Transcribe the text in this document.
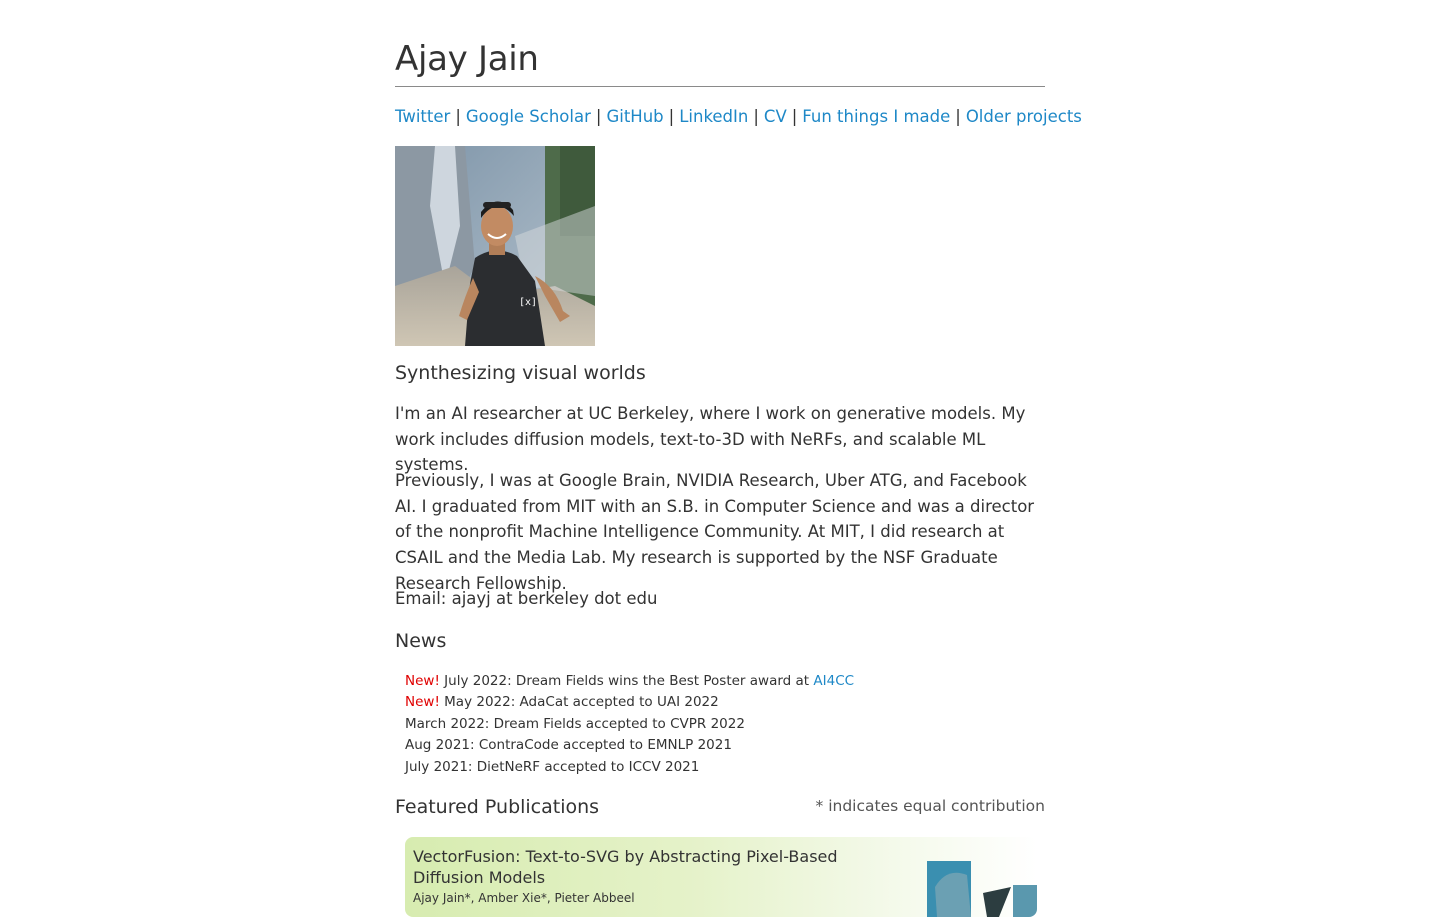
Ajay Jain
Twitter | Google Scholar | GitHub | LinkedIn | CV | Fun things I made | Older projects
[x]
Synthesizing visual worlds

I'm an AI researcher at UC Berkeley, where I work on generative models. My work includes diffusion models, text-to-3D with NeRFs, and scalable ML systems.

Previously, I was at Google Brain, NVIDIA Research, Uber ATG, and Facebook AI. I graduated from MIT with an S.B. in Computer Science and was a director of the nonprofit Machine Intelligence Community. At MIT, I did research at CSAIL and the Media Lab. My research is supported by the NSF Graduate Research Fellowship.

Email: ajayj at berkeley dot edu

News
New! July 2022: Dream Fields wins the Best Poster award at AI4CC
New! May 2022: AdaCat accepted to UAI 2022
March 2022: Dream Fields accepted to CVPR 2022
Aug 2021: ContraCode accepted to EMNLP 2021
July 2021: DietNeRF accepted to ICCV 2021
Featured Publications	* indicates equal contribution
VectorFusion: Text-to-SVG by Abstracting Pixel-Based Diffusion Models
Ajay Jain*, Amber Xie*, Pieter Abbeel
